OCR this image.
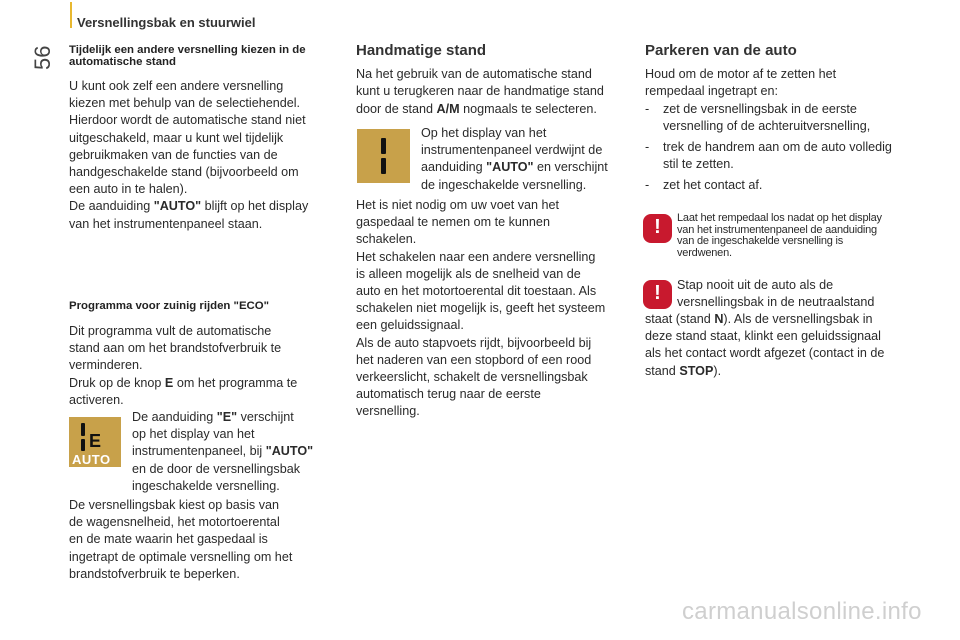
Versnellingsbak en stuurwiel
56 Tijdelijk een andere versnelling kiezen in de automatische stand

U kunt ook zelf een andere versnelling
kiezen met behulp van de selectiehendel.
Hierdoor wordt de automatische stand niet
uitgeschakeld, maar u kunt wel tijdelijk
gebruikmaken van de functies van de
handgeschakelde stand (bijvoorbeeld om
een auto in te halen).
De aanduiding "AUTO" blijft op het display
van het instrumentenpaneel staan.

Programma voor zuinig rijden "ECO"

Dit programma vult de automatische
stand aan om het brandstofverbruik te
verminderen.
Druk op de knop E om het programma te
activeren.
E
AUTO
De aanduiding "E" verschijnt
op het display van het
instrumentenpaneel, bij "AUTO"
en de door de versnellingsbak
ingeschakelde versnelling.
De versnellingsbak kiest op basis van
de wagensnelheid, het motortoerental
en de mate waarin het gaspedaal is
ingetrapt de optimale versnelling om het
brandstofverbruik te beperken.

Handmatige stand

Na het gebruik van de automatische stand
kunt u terugkeren naar de handmatige stand
door de stand A/M nogmaals te selecteren.
Op het display van het
instrumentenpaneel verdwijnt de
aanduiding "AUTO" en verschijnt
de ingeschakelde versnelling.
Het is niet nodig om uw voet van het
gaspedaal te nemen om te kunnen
schakelen.
Het schakelen naar een andere versnelling
is alleen mogelijk als de snelheid van de
auto en het motortoerental dit toestaan. Als
schakelen niet mogelijk is, geeft het systeem
een geluidssignaal.
Als de auto stapvoets rijdt, bijvoorbeeld bij
het naderen van een stopbord of een rood
verkeerslicht, schakelt de versnellingsbak
automatisch terug naar de eerste
versnelling.

Parkeren van de auto

Houd om de motor af te zetten het
rempedaal ingetrapt en:
- zet de versnellingsbak in de eerste
versnelling of de achteruitversnelling,
- trek de handrem aan om de auto volledig
stil te zetten.
- zet het contact af.
!	Laat het rempedaal los nadat op het display
van het instrumentenpaneel de aanduiding
van de ingeschakelde versnelling is
verdwenen.
!	Stap nooit uit de auto als de
versnellingsbak in de neutraalstand
staat (stand N). Als de versnellingsbak in
deze stand staat, klinkt een geluidssignaal
als het contact wordt afgezet (contact in de
stand STOP).
carmanualsonline.info
